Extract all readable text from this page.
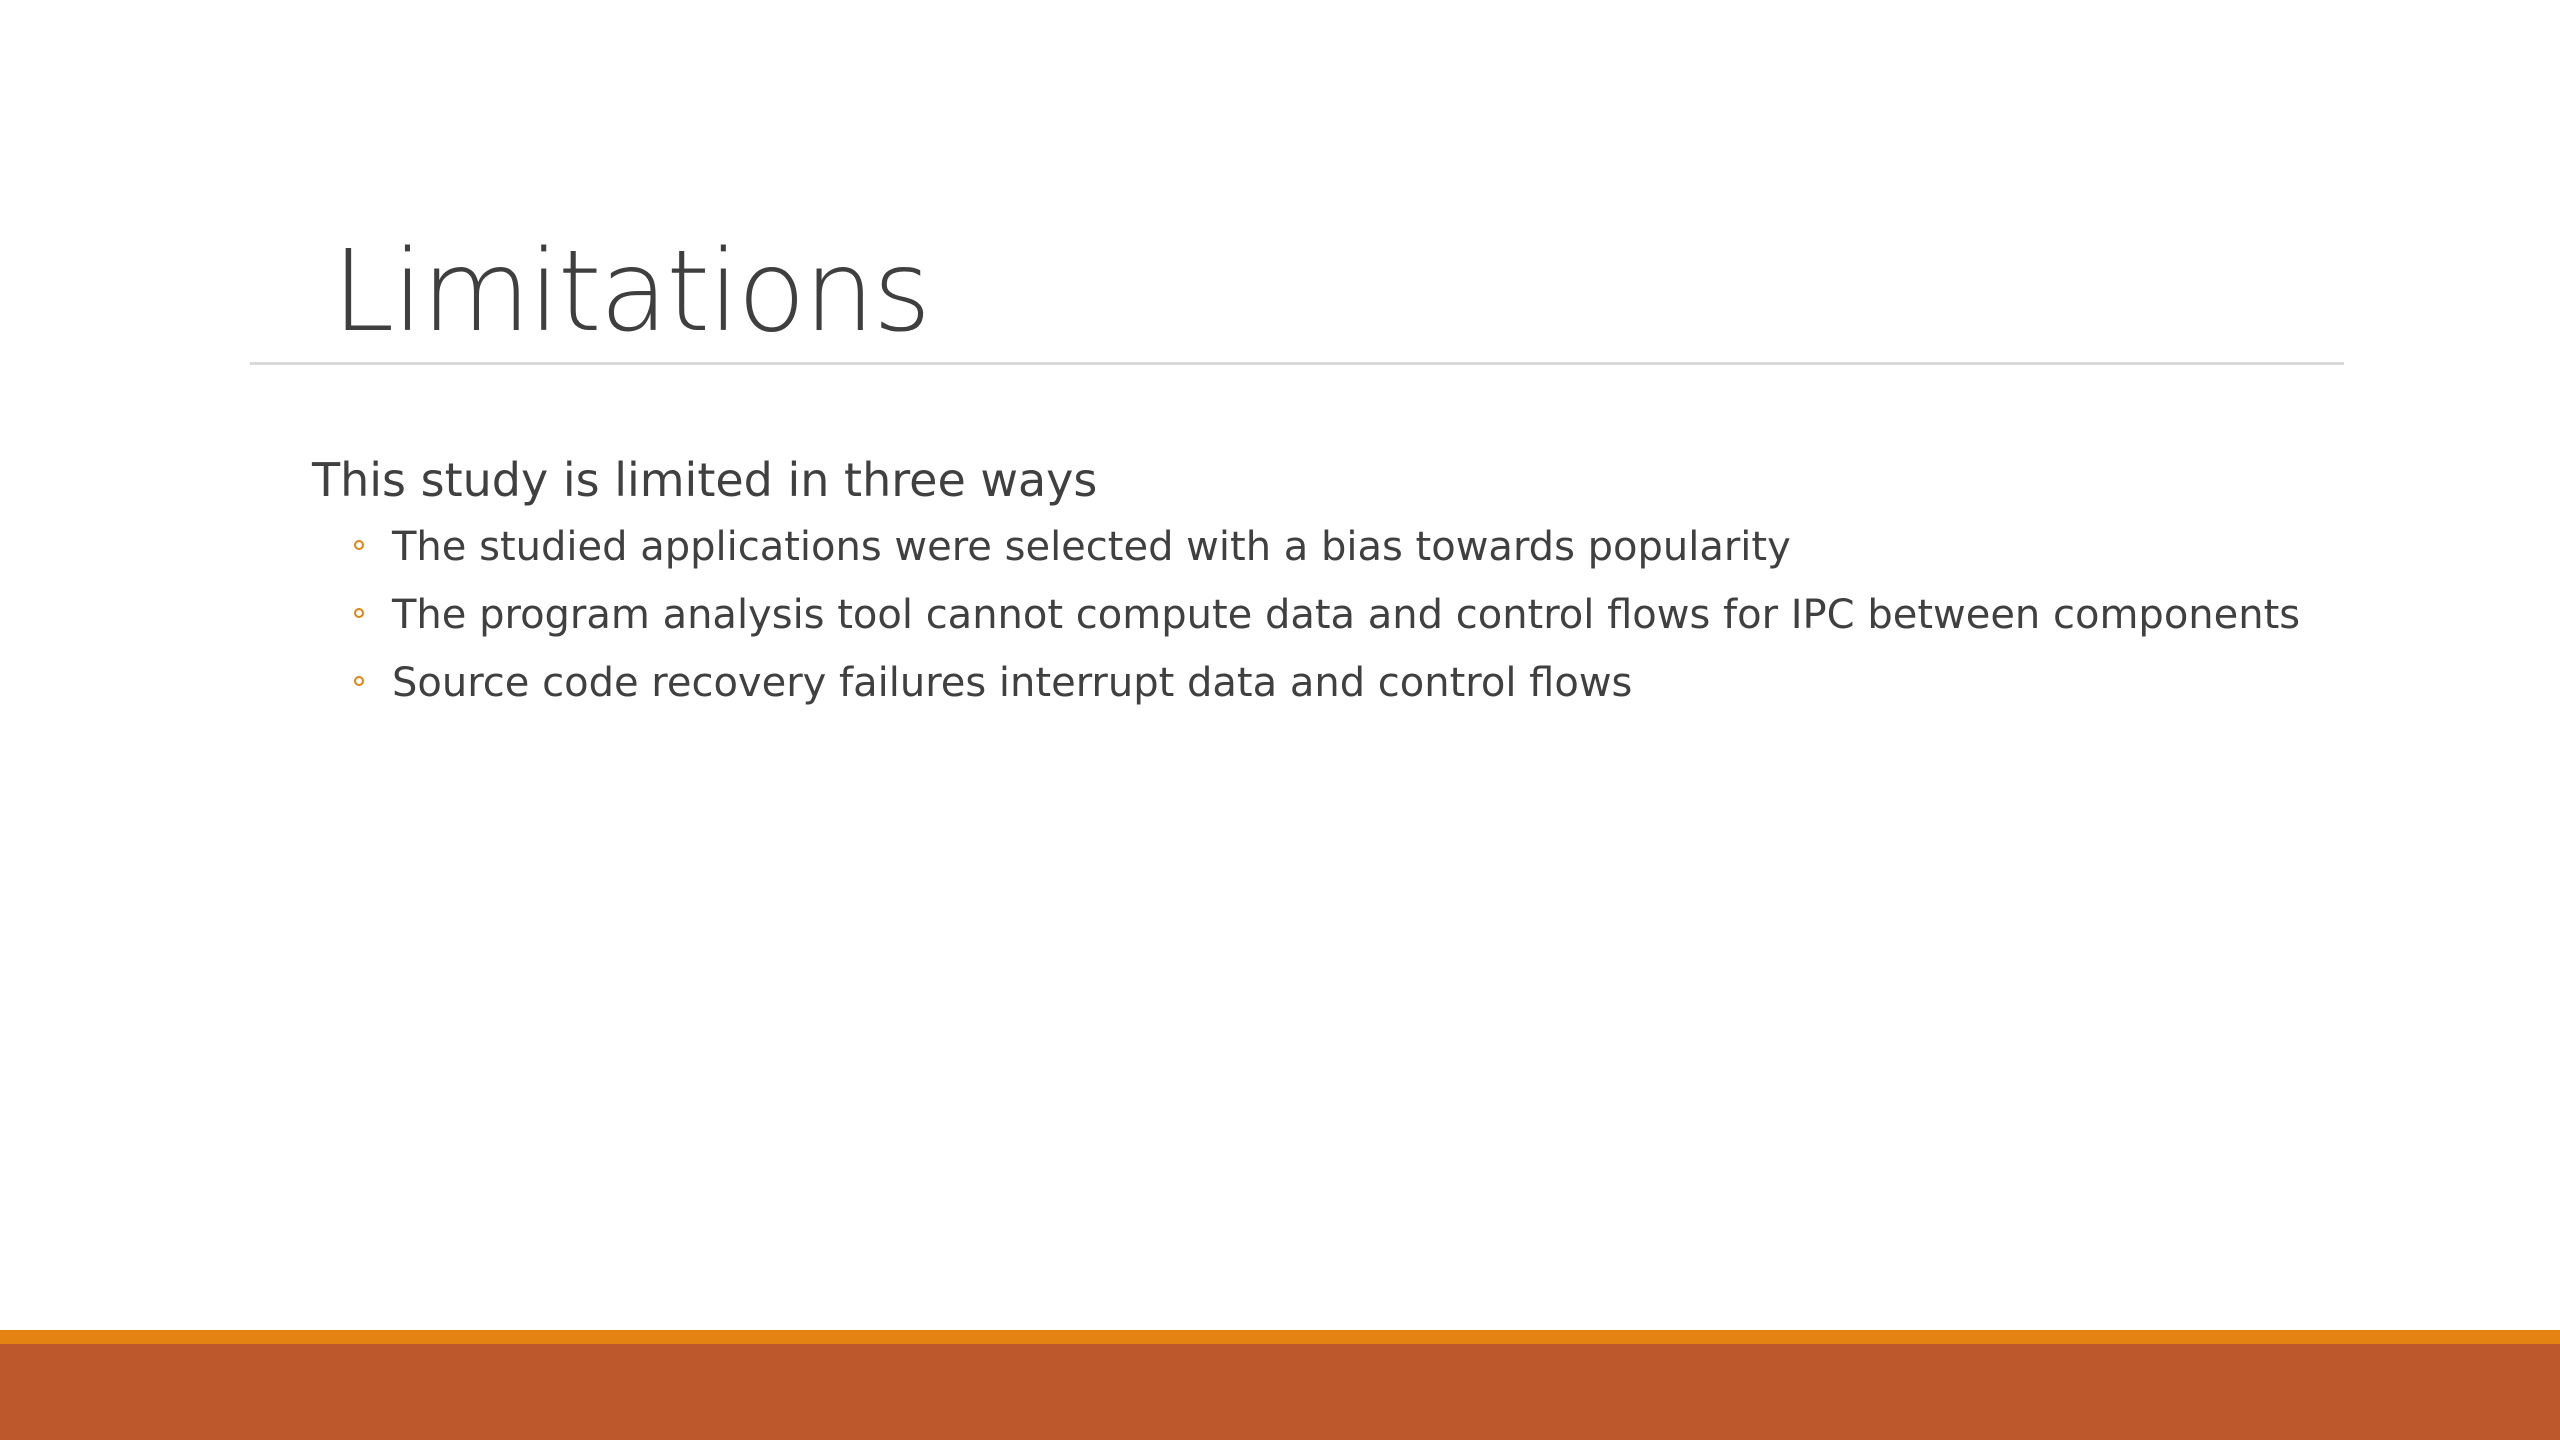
Limitations

This study is limited in three ways

The studied applications were selected with a bias towards popularity
The program analysis tool cannot compute data and control flows for IPC between components
Source code recovery failures interrupt data and control flows
